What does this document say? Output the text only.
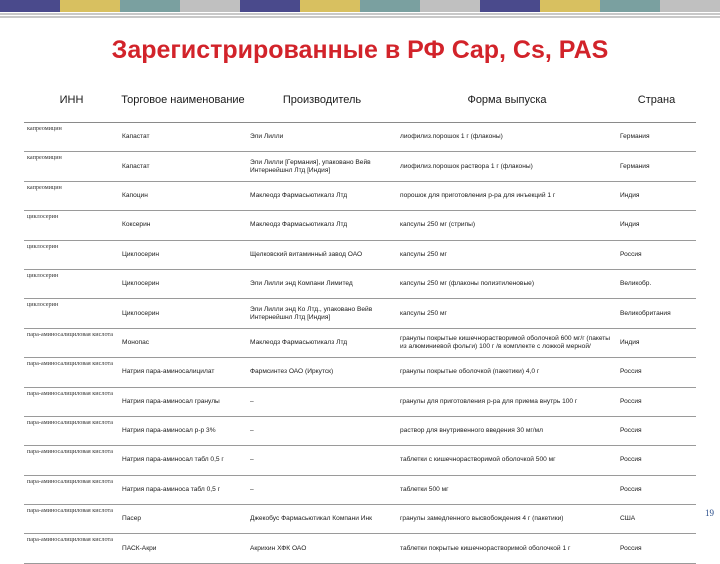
Зарегистрированные в РФ Cap, Cs, PAS
ИНН	Торговое наименование	Производитель	Форма выпуска	Страна
капреомицин	Капастат	Эли Лилли	лиофилиз.порошок 1 г (флаконы)	Германия
капреомицин	Капастат	Эли Лилли [Германия], упаковано Вейв Интернейшнл Лтд [Индия]	лиофилиз.порошок раствора 1 г (флаконы)	Германия
капреомицин	Капоцин	Маклеодз Фармасьютикалз Лтд	порошок для приготовления р-ра для инъекций 1 г	Индия
циклосерин	Коксерин	Маклеодз Фармасьютикалз Лтд	капсулы 250 мг (стрипы)	Индия
циклосерин	Циклосерин	Щелковский витаминный завод ОАО	капсулы 250 мг	Россия
циклосерин	Циклосерин	Эли Лилли энд Компани Лимитед	капсулы 250 мг (флаконы полиэтиленовые)	Великобр.
циклосерин	Циклосерин	Эли Лилли энд Ко Лтд., упаковано Вейв Интернейшнл Лтд [Индия]	капсулы 250 мг	Великобритания
пара-аминосалициловая кислота	Монопас	Маклеодз Фармасьютикалз Лтд	гранулы покрытые кишечнорастворимой оболочкой 600 мг/г (пакеты из алюминиевой фольги) 100 г /в комплекте с ложкой мерной/	Индия
пара-аминосалициловая кислота	Натрия пара-аминосалицилат	Фармсинтез ОАО (Иркутск)	гранулы покрытые оболочкой (пакетики) 4,0 г	Россия
пара-аминосалициловая кислота	Натрия пара-аминосал гранулы	–	гранулы для приготовления р-ра для приема внутрь 100 г	Россия
пара-аминосалициловая кислота	Натрия пара-аминосал р-р 3%	–	раствор для внутривенного введения 30 мг/мл	Россия
пара-аминосалициловая кислота	Натрия пара-аминосал табл 0,5 г	–	таблетки с кишечнорастворимой оболочкой 500 мг	Россия
пара-аминосалициловая кислота	Натрия пара-аминоса табл 0,5 г	–	таблетки 500 мг	Россия
пара-аминосалициловая кислота	Пасер	Джекобус Фармасьютикал Компани Инк	гранулы замедленного высвобождения 4 г (пакетики)	США
пара-аминосалициловая кислота	ПАСК-Акри	Акрихин ХФК ОАО	таблетки покрытые кишечнорастворимой оболочкой 1 г	Россия
19
